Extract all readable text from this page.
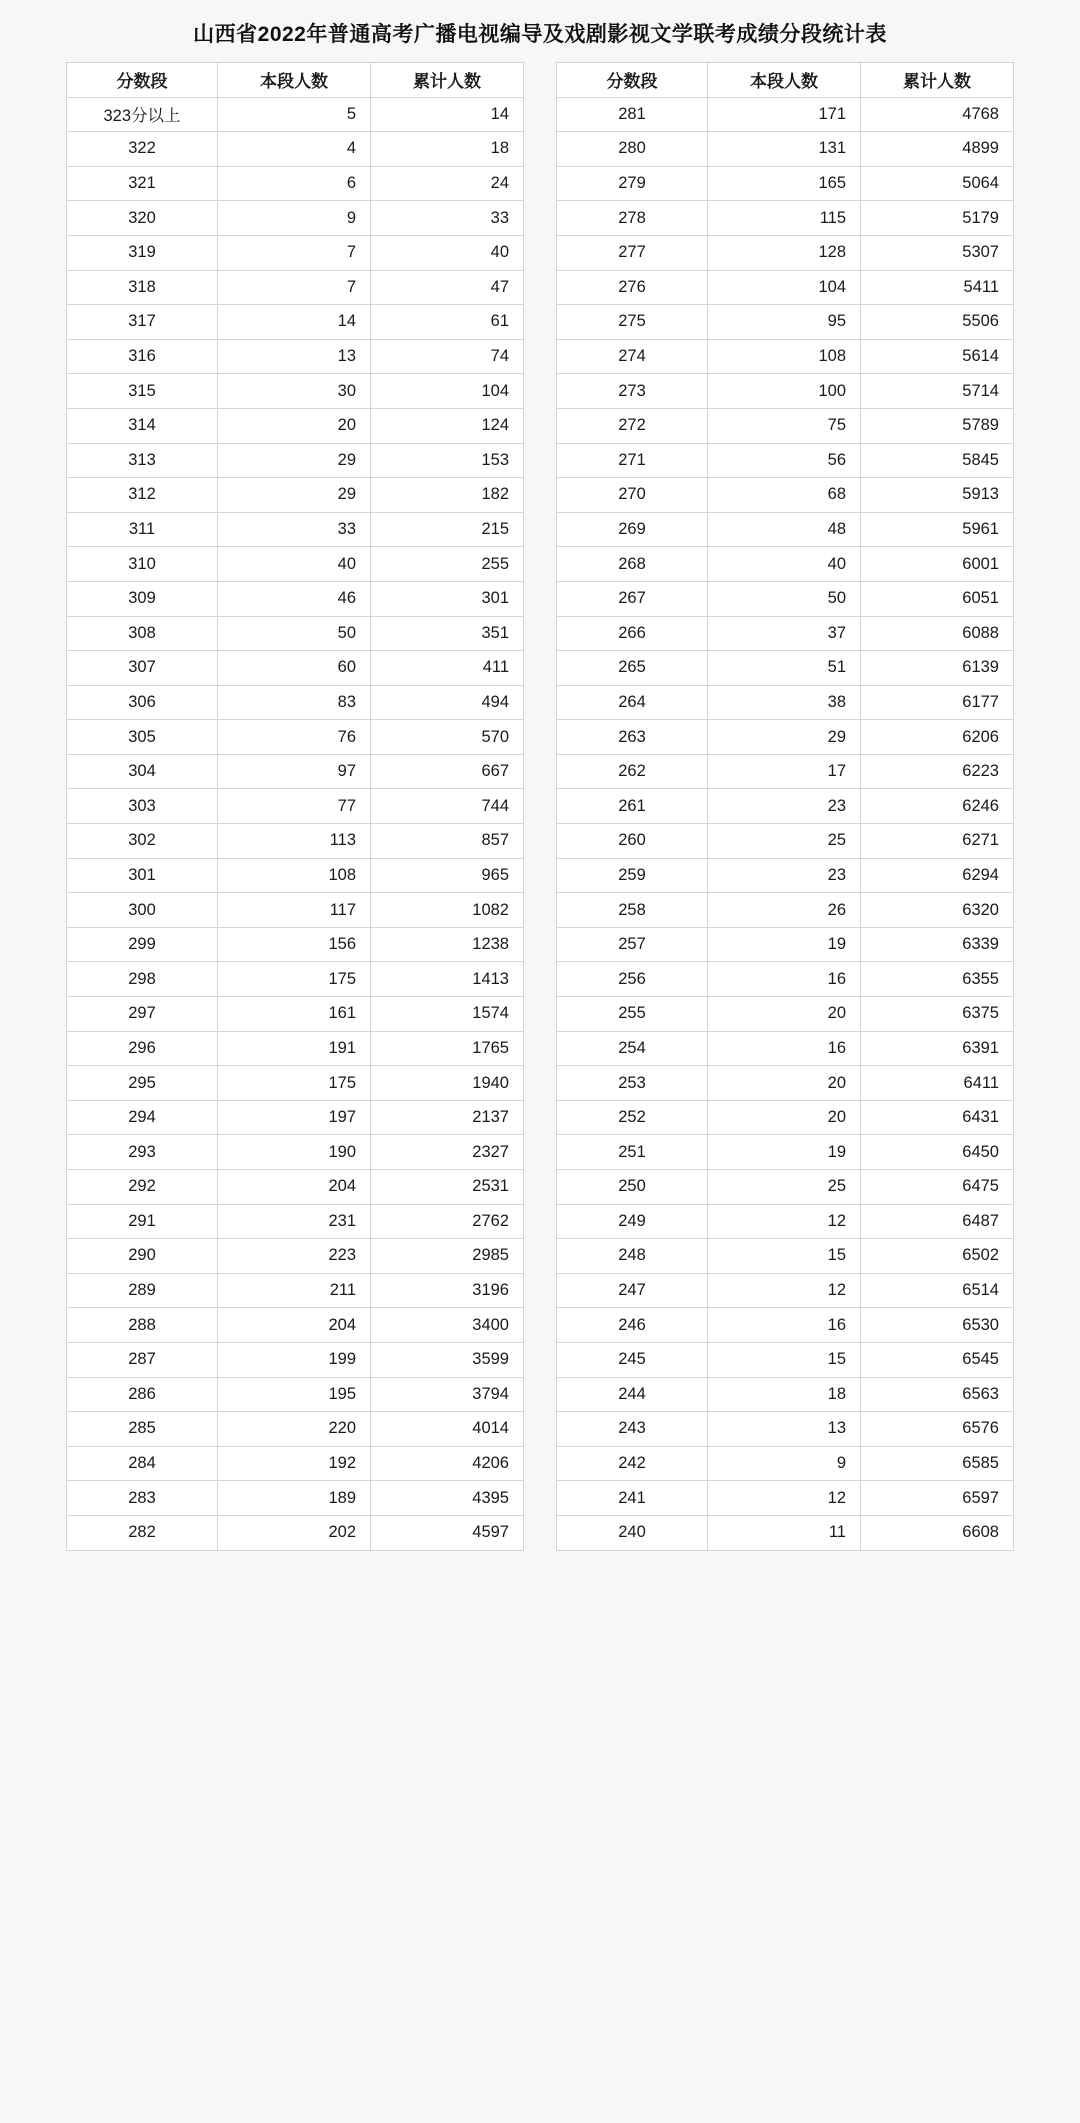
山西省2022年普通高考广播电视编导及戏剧影视文学联考成绩分段统计表
分数段	本段人数	累计人数
323分以上	5	14
322	4	18
321	6	24
320	9	33
319	7	40
318	7	47
317	14	61
316	13	74
315	30	104
314	20	124
313	29	153
312	29	182
311	33	215
310	40	255
309	46	301
308	50	351
307	60	411
306	83	494
305	76	570
304	97	667
303	77	744
302	113	857
301	108	965
300	117	1082
299	156	1238
298	175	1413
297	161	1574
296	191	1765
295	175	1940
294	197	2137
293	190	2327
292	204	2531
291	231	2762
290	223	2985
289	211	3196
288	204	3400
287	199	3599
286	195	3794
285	220	4014
284	192	4206
283	189	4395
282	202	4597
分数段	本段人数	累计人数
281	171	4768
280	131	4899
279	165	5064
278	115	5179
277	128	5307
276	104	5411
275	95	5506
274	108	5614
273	100	5714
272	75	5789
271	56	5845
270	68	5913
269	48	5961
268	40	6001
267	50	6051
266	37	6088
265	51	6139
264	38	6177
263	29	6206
262	17	6223
261	23	6246
260	25	6271
259	23	6294
258	26	6320
257	19	6339
256	16	6355
255	20	6375
254	16	6391
253	20	6411
252	20	6431
251	19	6450
250	25	6475
249	12	6487
248	15	6502
247	12	6514
246	16	6530
245	15	6545
244	18	6563
243	13	6576
242	9	6585
241	12	6597
240	11	6608
